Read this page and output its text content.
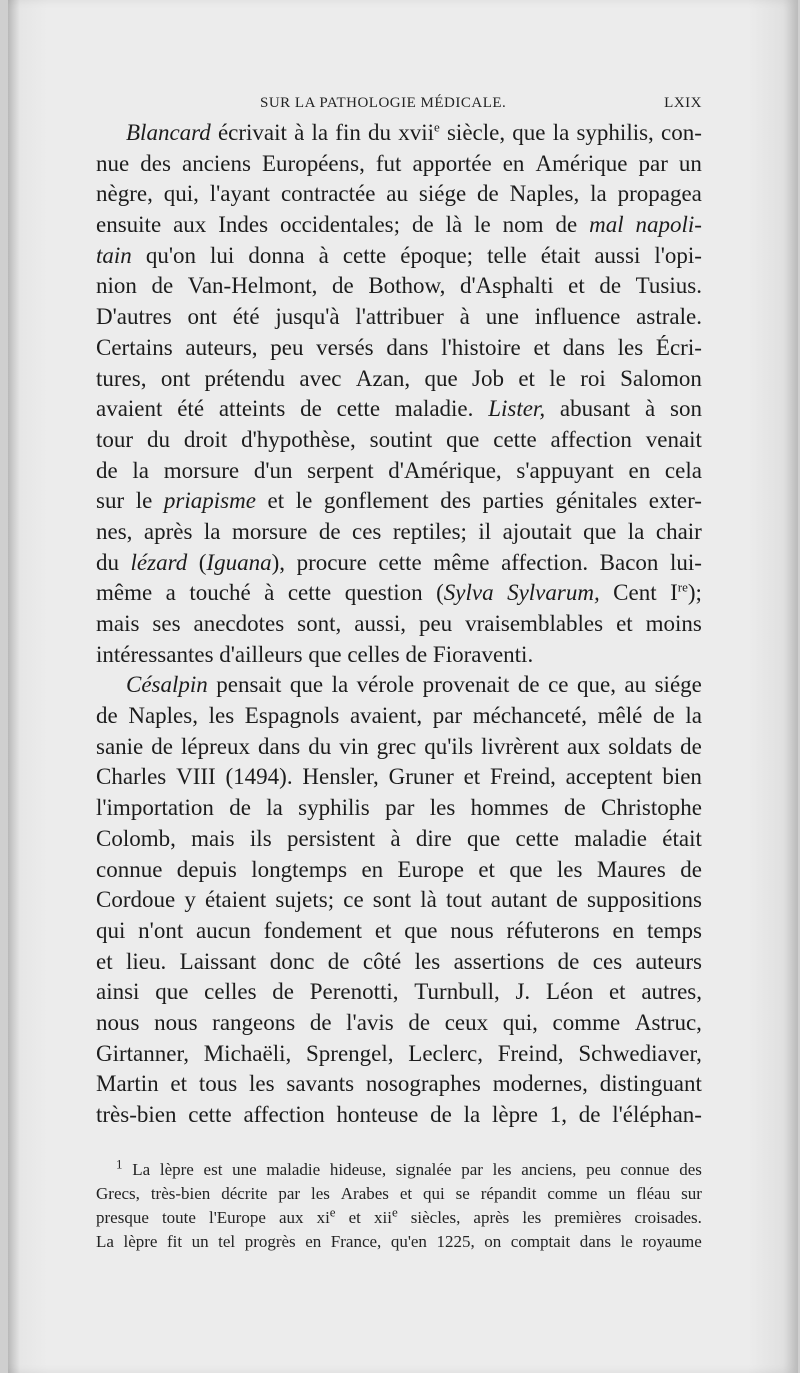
SUR LA PATHOLOGIE MÉDICALE.	LXIX
Blancard écrivait à la fin du xvii$^e$ siècle, que la syphilis, con-
nue des anciens Européens, fut apportée en Amérique par un
nègre, qui, l'ayant contractée au siége de Naples, la propagea
ensuite aux Indes occidentales; de là le nom de mal napoli-
tain qu'on lui donna à cette époque; telle était aussi l'opi-
nion de Van-Helmont, de Bothow, d'Asphalti et de Tusius.
D'autres ont été jusqu'à l'attribuer à une influence astrale.
Certains auteurs, peu versés dans l'histoire et dans les Écri-
tures, ont prétendu avec Azan, que Job et le roi Salomon
avaient été atteints de cette maladie. Lister, abusant à son
tour du droit d'hypothèse, soutint que cette affection venait
de la morsure d'un serpent d'Amérique, s'appuyant en cela
sur le priapisme et le gonflement des parties génitales exter-
nes, après la morsure de ces reptiles; il ajoutait que la chair
du lézard (Iguana), procure cette même affection. Bacon lui-
même a touché à cette question (Sylva Sylvarum, Cent Ire);
mais ses anecdotes sont, aussi, peu vraisemblables et moins
intéressantes
d'ailleurs
que
celles
de
Fioraventi.
Césalpin pensait que la vérole provenait de ce que, au siége
de Naples, les Espagnols avaient, par méchanceté, mêlé de la
sanie de lépreux dans du vin grec qu'ils livrèrent aux soldats de
Charles VIII (1494). Hensler, Gruner et Freind, acceptent bien
l'importation de la syphilis par les hommes de Christophe
Colomb, mais ils persistent à dire que cette maladie était
connue depuis longtemps en Europe et que les Maures de
Cordoue y étaient sujets; ce sont là tout autant de suppositions
qui n'ont aucun fondement et que nous réfuterons en temps
et lieu. Laissant donc de côté les assertions de ces auteurs
ainsi que celles de Perenotti, Turnbull, J. Léon et autres,
nous nous rangeons de l'avis de ceux qui, comme Astruc,
Girtanner, Michaëli, Sprengel, Leclerc, Freind, Schwediaver,
Martin et tous les savants nosographes modernes, distinguant
très-bien cette affection honteuse de la lèpre 1, de l'éléphan-
$^1$ La lèpre est une maladie hideuse, signalée par les anciens, peu connue des
Grecs, très-bien décrite par les Arabes et qui se répandit comme un fléau sur
presque toute l'Europe aux $xi^e$ et xii$^e$ siècles, après les premières croisades.
La lèpre fit un tel progrès en France, qu'en 1225, on comptait dans le royaume
